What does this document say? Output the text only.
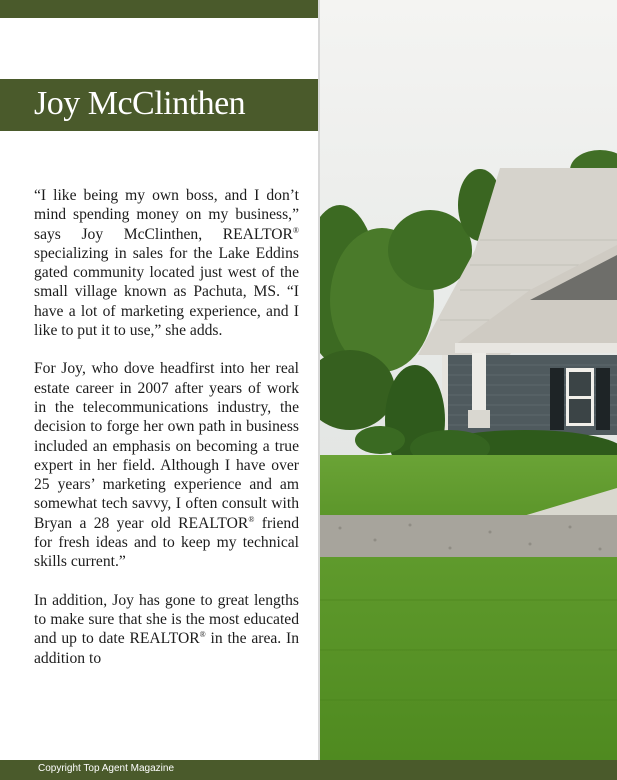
Joy McClinthen

“I like being my own boss, and I don’t mind spending money on my business,” says Joy McClinthen, REALTOR® specializing in sales for the Lake Eddins gated community located just west of the small village known as Pachuta, MS. “I have a lot of marketing experience, and I like to put it to use,” she adds.

For Joy, who dove headfirst into her real estate career in 2007 after years of work in the telecommunications industry, the decision to forge her own path in business included an emphasis on becoming a true expert in her field. Although I have over 25 years’ marketing experience and am somewhat tech savvy, I often consult with Bryan a 28 year old REALTOR® friend for fresh ideas and to keep my technical skills current.”

In addition, Joy has gone to great lengths to make sure that she is the most educated and up to date REALTOR® in the area. In addition to

Copyright Top Agent Magazine
